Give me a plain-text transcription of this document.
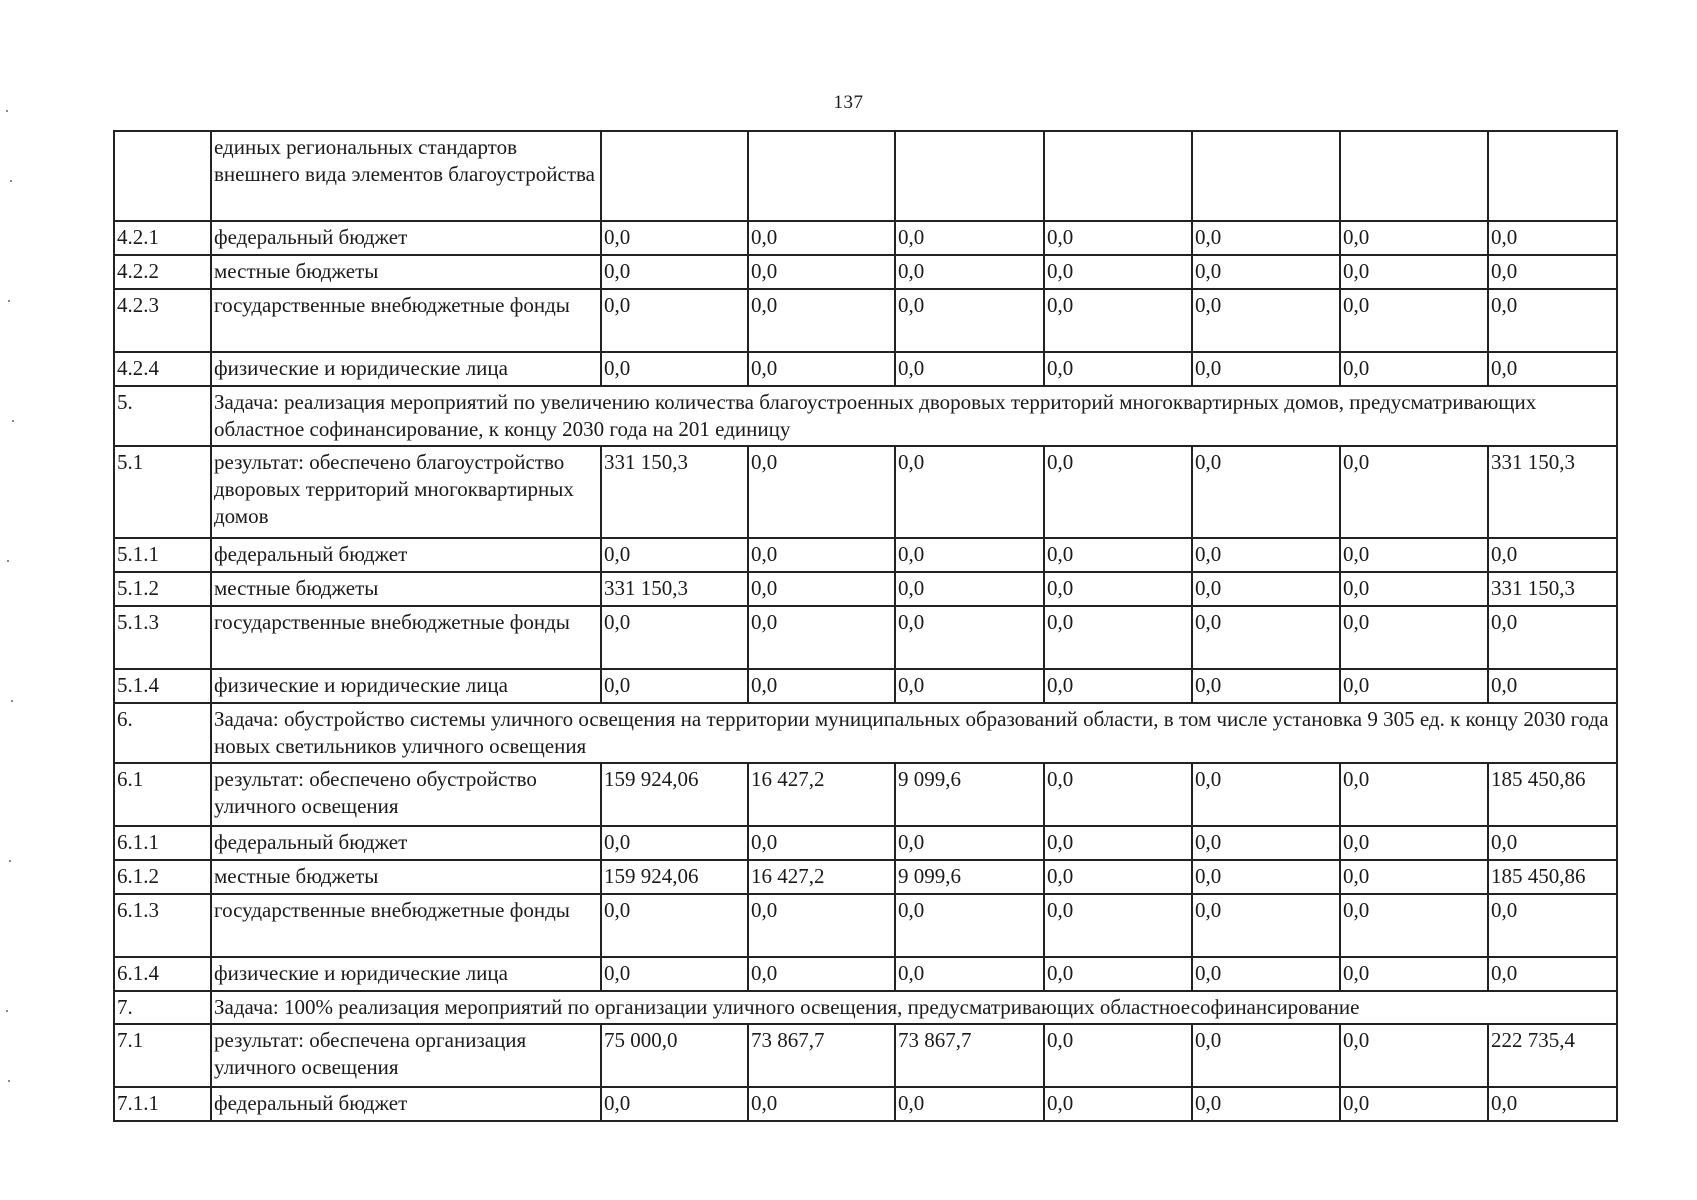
137
	единых региональных стандартов внешнего вида элементов благоустройства							
4.2.1	федеральный бюджет	0,0	0,0	0,0	0,0	0,0	0,0	0,0
4.2.2	местные бюджеты	0,0	0,0	0,0	0,0	0,0	0,0	0,0
4.2.3	государственные внебюджетные фонды	0,0	0,0	0,0	0,0	0,0	0,0	0,0
4.2.4	физические и юридические лица	0,0	0,0	0,0	0,0	0,0	0,0	0,0
5.	Задача: реализация мероприятий по увеличению количества благоустроенных дворовых территорий многоквартирных домов, предусматривающих областное софинансирование, к концу 2030 года на 201 единицу							
5.1	результат: обеспечено благоустройство дворовых территорий многоквартирных домов	331 150,3	0,0	0,0	0,0	0,0	0,0	331 150,3
5.1.1	федеральный бюджет	0,0	0,0	0,0	0,0	0,0	0,0	0,0
5.1.2	местные бюджеты	331 150,3	0,0	0,0	0,0	0,0	0,0	331 150,3
5.1.3	государственные внебюджетные фонды	0,0	0,0	0,0	0,0	0,0	0,0	0,0
5.1.4	физические и юридические лица	0,0	0,0	0,0	0,0	0,0	0,0	0,0
6.	Задача: обустройство системы уличного освещения на территории муниципальных образований области, в том числе установка 9 305 ед. к концу 2030 года новых светильников уличного освещения							
6.1	результат: обеспечено обустройство уличного освещения	159 924,06	16 427,2	9 099,6	0,0	0,0	0,0	185 450,86
6.1.1	федеральный бюджет	0,0	0,0	0,0	0,0	0,0	0,0	0,0
6.1.2	местные бюджеты	159 924,06	16 427,2	9 099,6	0,0	0,0	0,0	185 450,86
6.1.3	государственные внебюджетные фонды	0,0	0,0	0,0	0,0	0,0	0,0	0,0
6.1.4	физические и юридические лица	0,0	0,0	0,0	0,0	0,0	0,0	0,0
7.	Задача: 100% реализация мероприятий по организации уличного освещения, предусматривающих областноесофинансирование							
7.1	результат: обеспечена организация уличного освещения	75 000,0	73 867,7	73 867,7	0,0	0,0	0,0	222 735,4
7.1.1	федеральный бюджет	0,0	0,0	0,0	0,0	0,0	0,0	0,0
